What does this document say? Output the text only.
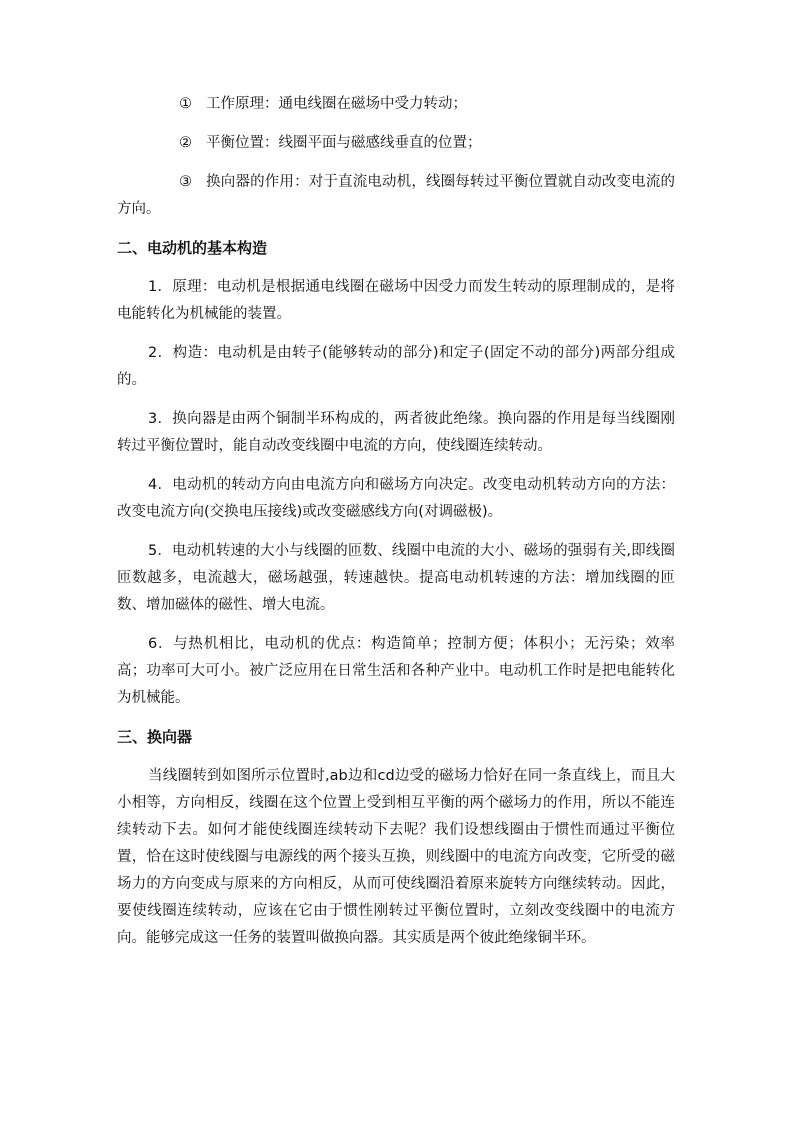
① 工作原理：通电线圈在磁场中受力转动；

② 平衡位置：线圈平面与磁感线垂直的位置；

③ 换向器的作用：对于直流电动机，线圈每转过平衡位置就自动改变电流的方向。

二、电动机的基本构造

1．原理：电动机是根据通电线圈在磁场中因受力而发生转动的原理制成的，是将电能转化为机械能的装置。

2．构造：电动机是由转子(能够转动的部分)和定子(固定不动的部分)两部分组成的。

3．换向器是由两个铜制半环构成的，两者彼此绝缘。换向器的作用是每当线圈刚转过平衡位置时，能自动改变线圈中电流的方向，使线圈连续转动。

4．电动机的转动方向由电流方向和磁场方向决定。改变电动机转动方向的方法：改变电流方向(交换电压接线)或改变磁感线方向(对调磁极)。

5．电动机转速的大小与线圈的匝数、线圈中电流的大小、磁场的强弱有关,即线圈匝数越多，电流越大，磁场越强，转速越快。提高电动机转速的方法：增加线圈的匝数、增加磁体的磁性、增大电流。

6．与热机相比，电动机的优点：构造简单；控制方便；体积小；无污染；效率高；功率可大可小。被广泛应用在日常生活和各种产业中。电动机工作时是把电能转化为机械能。

三、换向器

当线圈转到如图所示位置时,ab边和cd边受的磁场力恰好在同一条直线上，而且大小相等，方向相反，线圈在这个位置上受到相互平衡的两个磁场力的作用，所以不能连续转动下去。如何才能使线圈连续转动下去呢？我们设想线圈由于惯性而通过平衡位置，恰在这时使线圈与电源线的两个接头互换，则线圈中的电流方向改变，它所受的磁场力的方向变成与原来的方向相反，从而可使线圈沿着原来旋转方向继续转动。因此，要使线圈连续转动，应该在它由于惯性刚转过平衡位置时，立刻改变线圈中的电流方向。能够完成这一任务的装置叫做换向器。其实质是两个彼此绝缘铜半环。
